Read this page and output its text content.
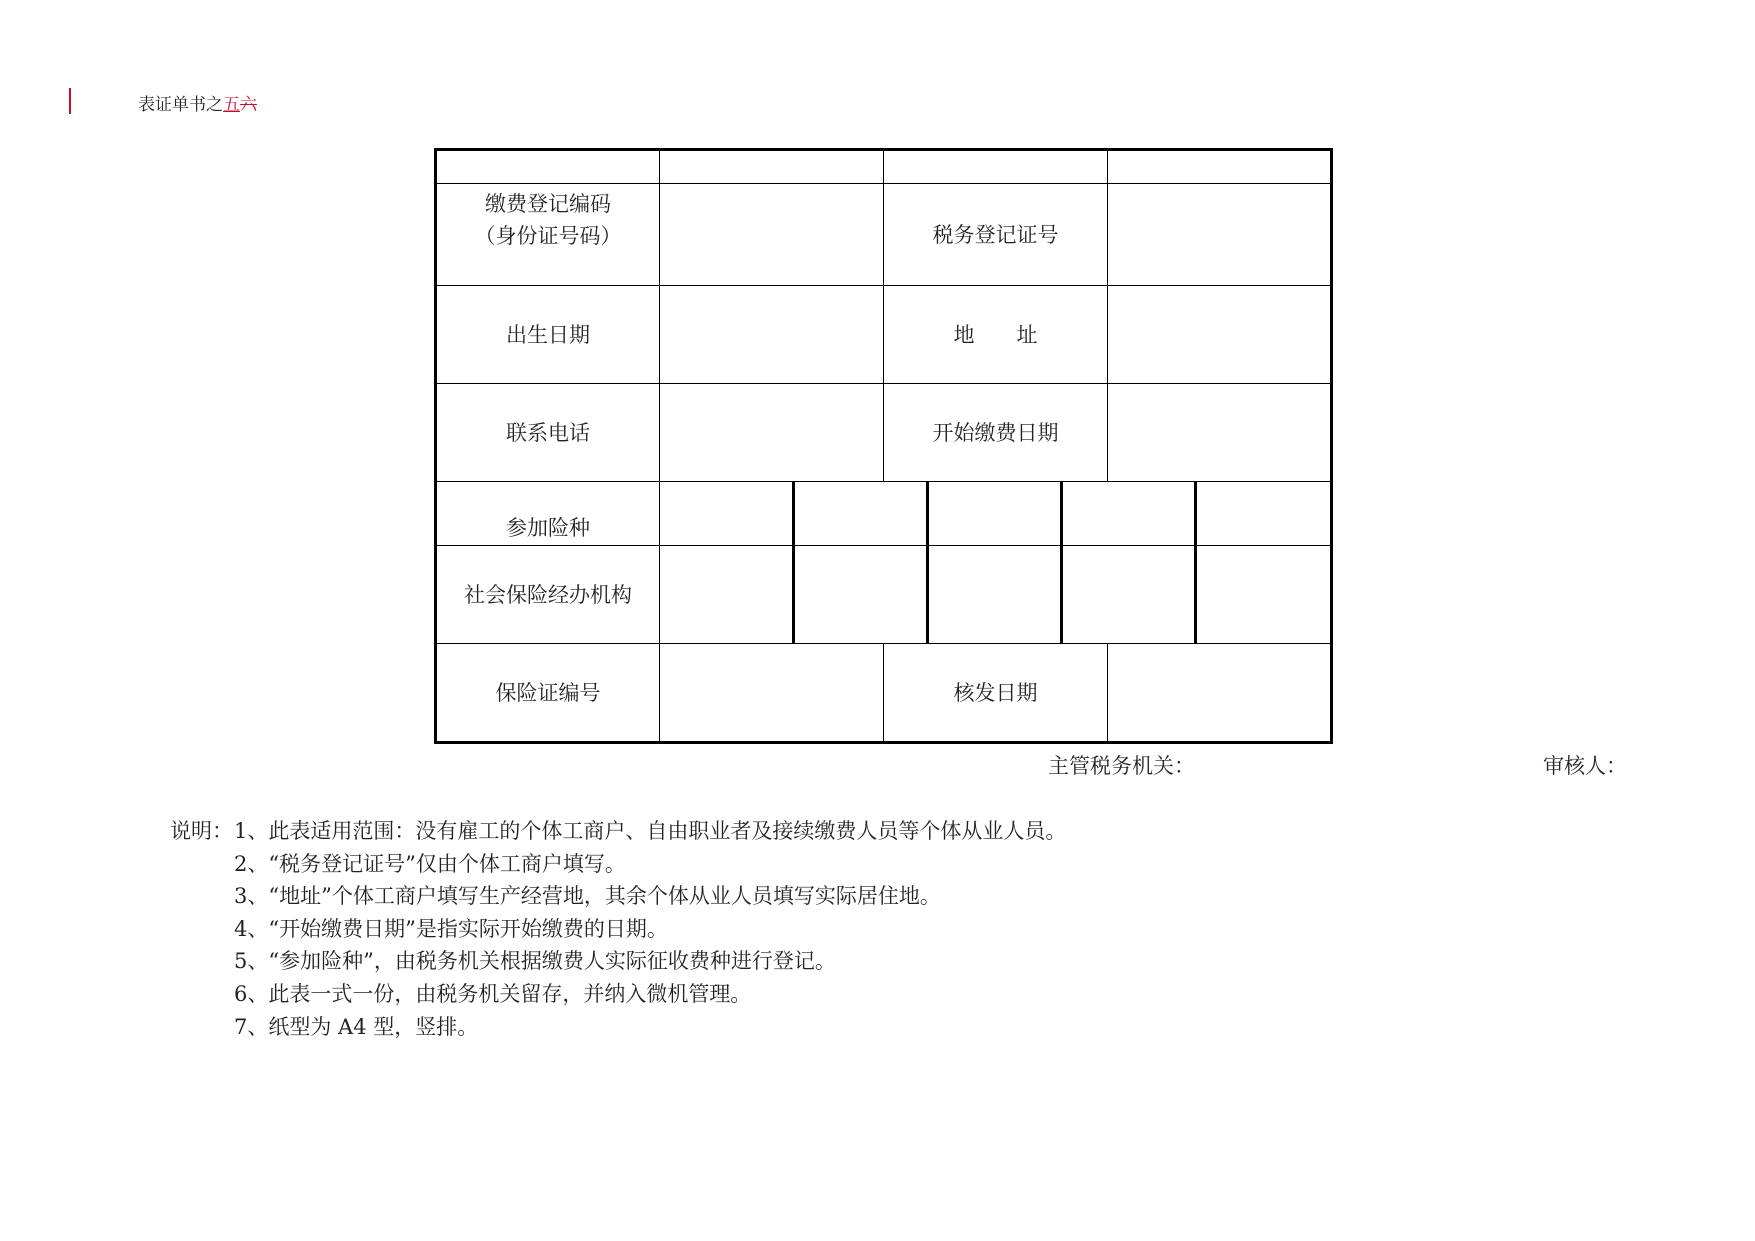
表证单书之五六

缴费登记编码
（身份证号码）			税务登记证号				
出生日期			地　　址				
联系电话			开始缴费日期				

参加险种							

社会保险经办机构							
保险证编号			核发日期				
主管税务机关：	审核人：
说明：1、此表适用范围：没有雇工的个体工商户、自由职业者及接续缴费人员等个体从业人员。
2、“税务登记证号”仅由个体工商户填写。
3、“地址”个体工商户填写生产经营地，其余个体从业人员填写实际居住地。
4、“开始缴费日期”是指实际开始缴费的日期。
5、“参加险种”，由税务机关根据缴费人实际征收费种进行登记。
6、此表一式一份，由税务机关留存，并纳入微机管理。
7、纸型为 A4 型，竖排。
